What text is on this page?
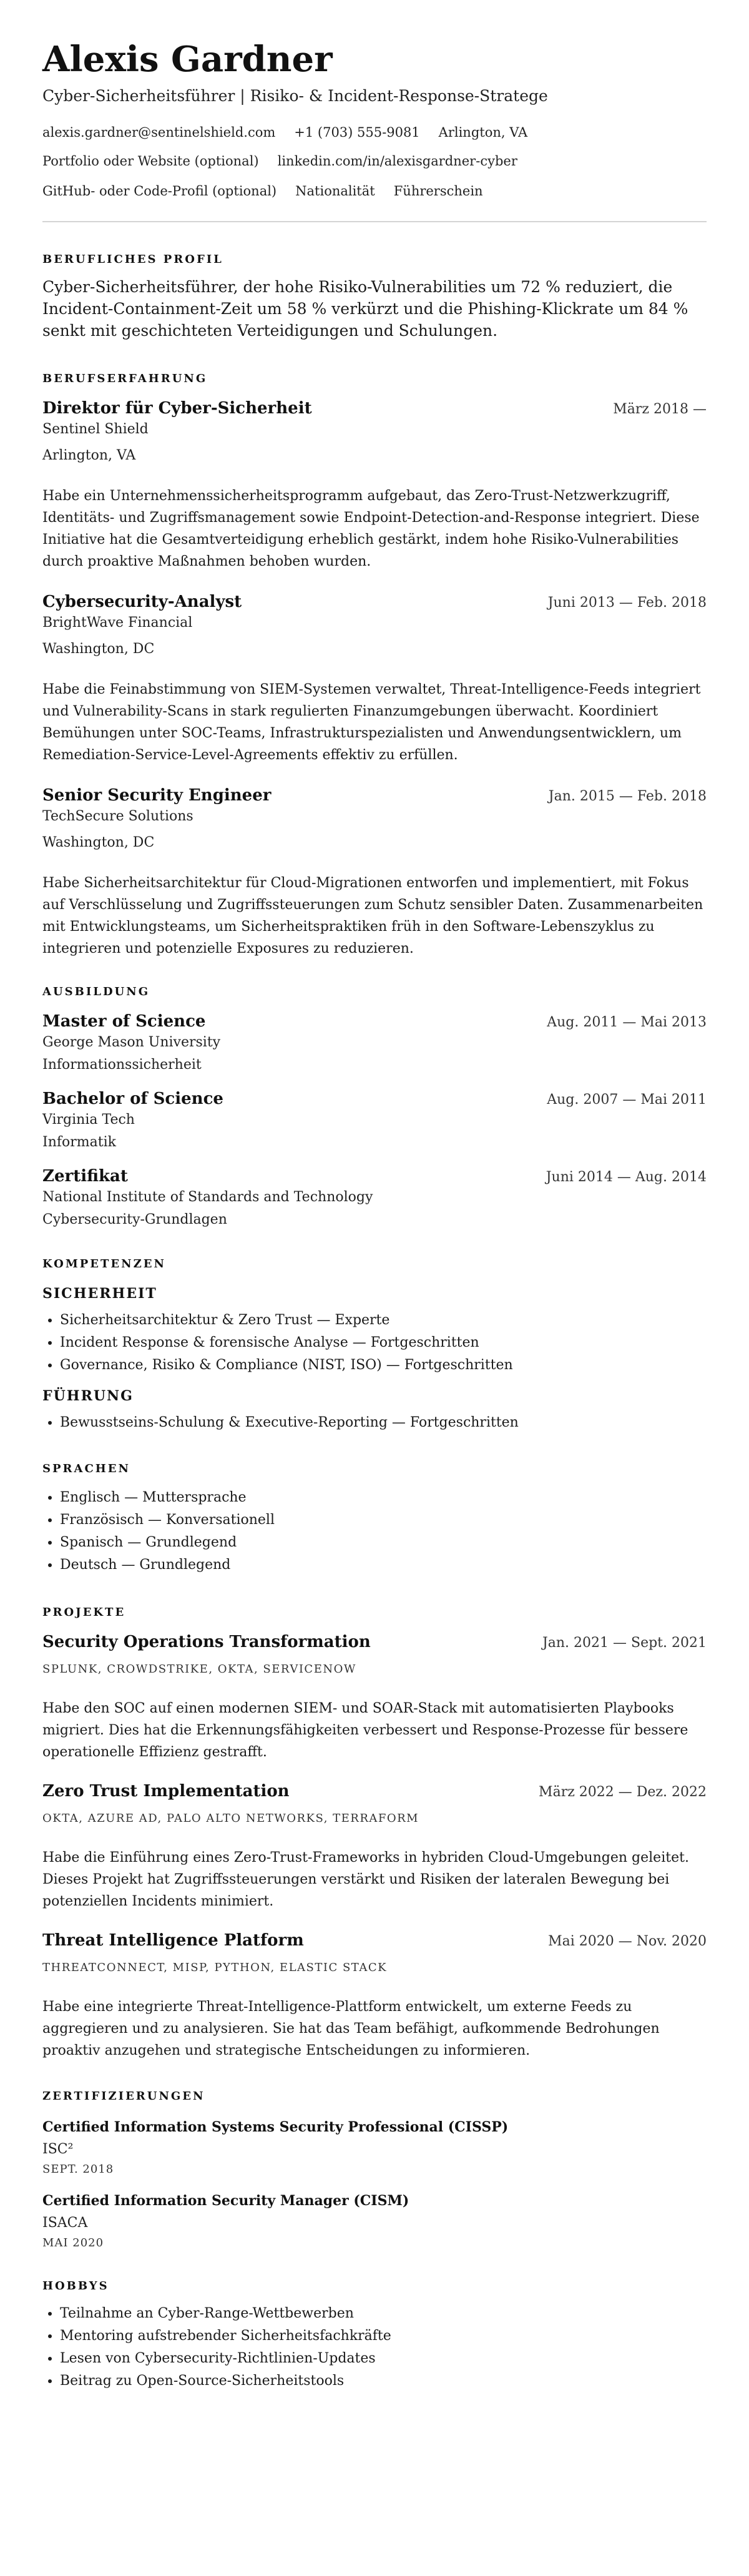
Alexis Gardner
Cyber-Sicherheitsführer | Risiko- & Incident-Response-Stratege
alexis.gardner@sentinelshield.com +1 (703) 555-9081 Arlington, VA
Portfolio oder Website (optional) linkedin.com/in/alexisgardner-cyber
GitHub- oder Code-Profil (optional) Nationalität Führerschein
BERUFLICHES PROFIL
Cyber-Sicherheitsführer, der hohe Risiko-Vulnerabilities um 72 % reduziert, die Incident-Containment-Zeit um 58 % verkürzt und die Phishing-Klickrate um 84 % senkt mit geschichteten Verteidigungen und Schulungen.
BERUFSERFAHRUNG
Direktor für Cyber-Sicherheit	März 2018 —
Sentinel Shield
Arlington, VA
Habe ein Unternehmenssicherheitsprogramm aufgebaut, das Zero-Trust-Netzwerkzugriff, Identitäts- und Zugriffsmanagement sowie Endpoint-Detection-and-Response integriert. Diese Initiative hat die Gesamtverteidigung erheblich gestärkt, indem hohe Risiko-Vulnerabilities durch proaktive Maßnahmen behoben wurden.
Cybersecurity-Analyst	Juni 2013 — Feb. 2018
BrightWave Financial
Washington, DC
Habe die Feinabstimmung von SIEM-Systemen verwaltet, Threat-Intelligence-Feeds integriert und Vulnerability-Scans in stark regulierten Finanzumgebungen überwacht. Koordiniert Bemühungen unter SOC-Teams, Infrastrukturspezialisten und Anwendungsentwicklern, um Remediation-Service-Level-Agreements effektiv zu erfüllen.
Senior Security Engineer	Jan. 2015 — Feb. 2018
TechSecure Solutions
Washington, DC
Habe Sicherheitsarchitektur für Cloud-Migrationen entworfen und implementiert, mit Fokus auf Verschlüsselung und Zugriffssteuerungen zum Schutz sensibler Daten. Zusammenarbeiten mit Entwicklungsteams, um Sicherheitspraktiken früh in den Software-Lebenszyklus zu integrieren und potenzielle Exposures zu reduzieren.
AUSBILDUNG
Master of Science	Aug. 2011 — Mai 2013
George Mason University
Informationssicherheit
Bachelor of Science	Aug. 2007 — Mai 2011
Virginia Tech
Informatik
Zertifikat	Juni 2014 — Aug. 2014
National Institute of Standards and Technology
Cybersecurity-Grundlagen
KOMPETENZEN
SICHERHEIT
• Sicherheitsarchitektur & Zero Trust — Experte
• Incident Response & forensische Analyse — Fortgeschritten
• Governance, Risiko & Compliance (NIST, ISO) — Fortgeschritten
FÜHRUNG
• Bewusstseins-Schulung & Executive-Reporting — Fortgeschritten
SPRACHEN
• Englisch — Muttersprache
• Französisch — Konversationell
• Spanisch — Grundlegend
• Deutsch — Grundlegend
PROJEKTE
Security Operations Transformation	Jan. 2021 — Sept. 2021
SPLUNK, CROWDSTRIKE, OKTA, SERVICENOW
Habe den SOC auf einen modernen SIEM- und SOAR-Stack mit automatisierten Playbooks migriert. Dies hat die Erkennungsfähigkeiten verbessert und Response-Prozesse für bessere operationelle Effizienz gestrafft.
Zero Trust Implementation	März 2022 — Dez. 2022
OKTA, AZURE AD, PALO ALTO NETWORKS, TERRAFORM
Habe die Einführung eines Zero-Trust-Frameworks in hybriden Cloud-Umgebungen geleitet. Dieses Projekt hat Zugriffssteuerungen verstärkt und Risiken der lateralen Bewegung bei potenziellen Incidents minimiert.
Threat Intelligence Platform	Mai 2020 — Nov. 2020
THREATCONNECT, MISP, PYTHON, ELASTIC STACK
Habe eine integrierte Threat-Intelligence-Plattform entwickelt, um externe Feeds zu aggregieren und zu analysieren. Sie hat das Team befähigt, aufkommende Bedrohungen proaktiv anzugehen und strategische Entscheidungen zu informieren.
ZERTIFIZIERUNGEN
Certified Information Systems Security Professional (CISSP)
ISC²
SEPT. 2018
Certified Information Security Manager (CISM)
ISACA
MAI 2020
HOBBYS
• Teilnahme an Cyber-Range-Wettbewerben
• Mentoring aufstrebender Sicherheitsfachkräfte
• Lesen von Cybersecurity-Richtlinien-Updates
• Beitrag zu Open-Source-Sicherheitstools
